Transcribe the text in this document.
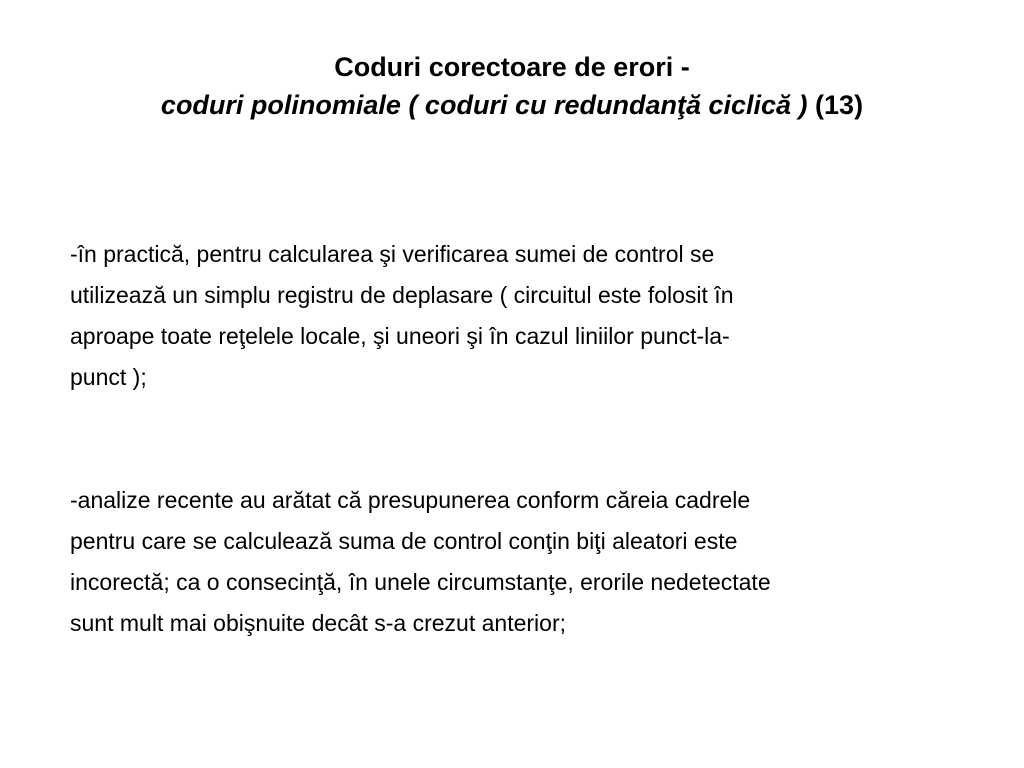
Coduri corectoare de erori -
coduri polinomiale ( coduri cu redundanţă ciclică ) (13)

-în practică, pentru calcularea şi verificarea sumei de control se
utilizează un simplu registru de deplasare ( circuitul este folosit în
aproape toate reţelele locale, şi uneori şi în cazul liniilor punct-la-
punct );

-analize recente au arătat că presupunerea conform căreia cadrele
pentru care se calculează suma de control conţin biţi aleatori este
incorectă; ca o consecinţă, în unele circumstanţe, erorile nedetectate
sunt mult mai obişnuite decât s-a crezut anterior;
